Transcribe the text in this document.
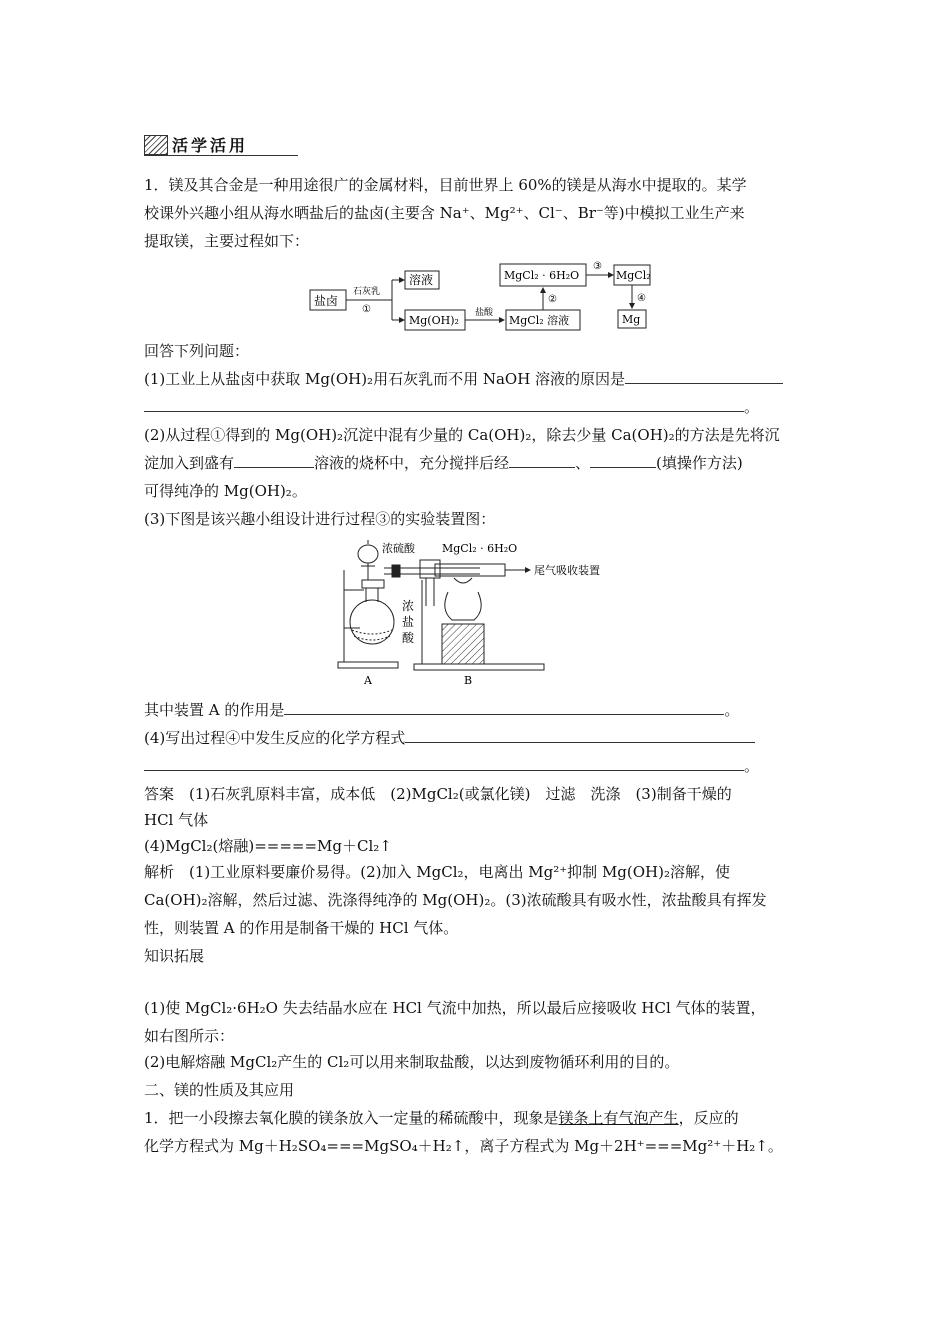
活学活用
1．镁及其合金是一种用途很广的金属材料，目前世界上 60%的镁是从海水中提取的。某学
校课外兴趣小组从海水晒盐后的盐卤(主要含 Na⁺、Mg²⁺、Cl⁻、Br⁻等)中模拟工业生产来
提取镁，主要过程如下：
盐卤
石灰乳
①
溶液
Mg(OH)₂
盐酸
MgCl₂ 溶液
②
MgCl₂ · 6H₂O
③
MgCl₂
④
Mg
回答下列问题：
(1)工业上从盐卤中获取 Mg(OH)₂用石灰乳而不用 NaOH 溶液的原因是
。
(2)从过程①得到的 Mg(OH)₂沉淀中混有少量的 Ca(OH)₂，除去少量 Ca(OH)₂的方法是先将沉
淀加入到盛有	溶液的烧杯中，充分搅拌后经	、	(填操作方法)
可得纯净的 Mg(OH)₂。
(3)下图是该兴趣小组设计进行过程③的实验装置图：
浓硫酸 MgCl₂ · 6H₂O
尾气吸收装置
浓
盐
酸
A	B
其中装置 A 的作用是	。
(4)写出过程④中发生反应的化学方程式
。
答案　(1)石灰乳原料丰富，成本低　(2)MgCl₂(或氯化镁)　过滤　洗涤　(3)制备干燥的
HCl 气体
(4)MgCl₂(熔融)=====Mg＋Cl₂↑
解析　(1)工业原料要廉价易得。(2)加入 MgCl₂，电离出 Mg²⁺抑制 Mg(OH)₂溶解，使
Ca(OH)₂溶解，然后过滤、洗涤得纯净的 Mg(OH)₂。(3)浓硫酸具有吸水性，浓盐酸具有挥发
性，则装置 A 的作用是制备干燥的 HCl 气体。
知识拓展
(1)使 MgCl₂·6H₂O 失去结晶水应在 HCl 气流中加热，所以最后应接吸收 HCl 气体的装置，
如右图所示：
(2)电解熔融 MgCl₂产生的 Cl₂可以用来制取盐酸，以达到废物循环利用的目的。
二、镁的性质及其应用
1．把一小段擦去氧化膜的镁条放入一定量的稀硫酸中，现象是镁条上有气泡产生，反应的
化学方程式为 Mg＋H₂SO₄===MgSO₄＋H₂↑，离子方程式为 Mg＋2H⁺===Mg²⁺＋H₂↑。
